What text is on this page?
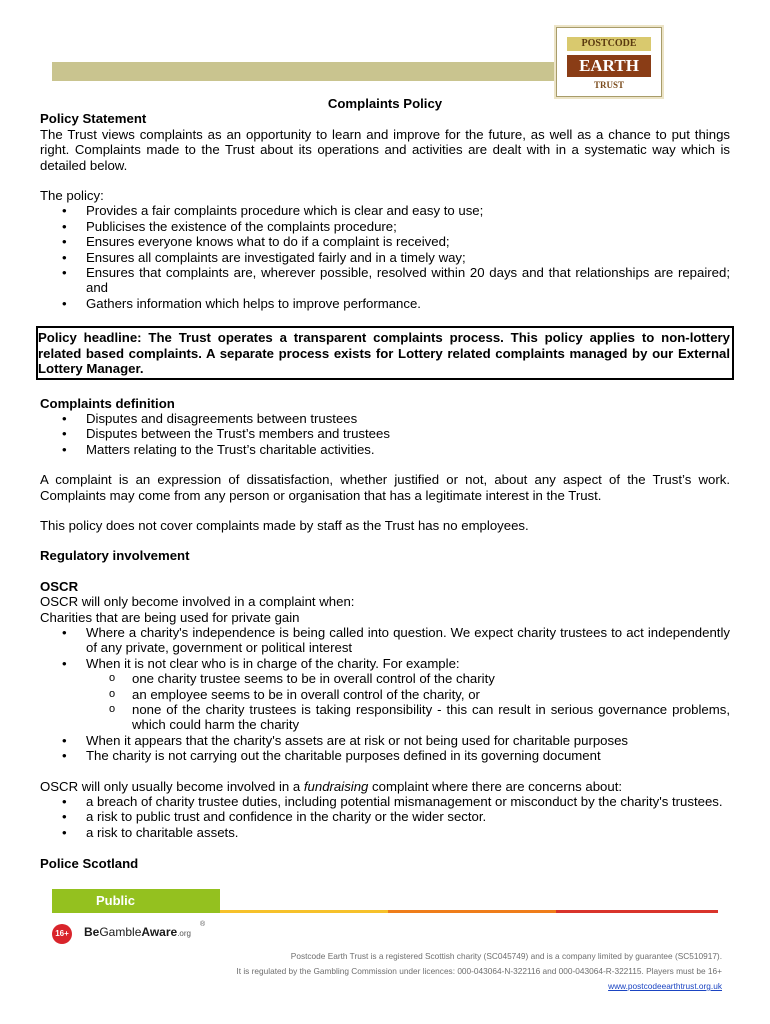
POSTCODE
EARTH
TRUST

Complaints Policy

Policy Statement

The Trust views complaints as an opportunity to learn and improve for the future, as well as a chance to put things right. Complaints made to the Trust about its operations and activities are dealt with in a systematic way which is detailed below.

The policy:

• Provides a fair complaints procedure which is clear and easy to use;
• Publicises the existence of the complaints procedure;
• Ensures everyone knows what to do if a complaint is received;
• Ensures all complaints are investigated fairly and in a timely way;
• Ensures that complaints are, wherever possible, resolved within 20 days and that relationships are repaired; and
• Gathers information which helps to improve performance.

Policy headline: The Trust operates a transparent complaints process. This policy applies to non-lottery related based complaints. A separate process exists for Lottery related complaints managed by our External Lottery Manager.

Complaints definition

• Disputes and disagreements between trustees
• Disputes between the Trust’s members and trustees
• Matters relating to the Trust’s charitable activities.

A complaint is an expression of dissatisfaction, whether justified or not, about any aspect of the Trust’s work. Complaints may come from any person or organisation that has a legitimate interest in the Trust.

This policy does not cover complaints made by staff as the Trust has no employees.

Regulatory involvement

OSCR

OSCR will only become involved in a complaint when:

Charities that are being used for private gain

• Where a charity's independence is being called into question. We expect charity trustees to act independently of any private, government or political interest
• When it is not clear who is in charge of the charity. For example:
o one charity trustee seems to be in overall control of the charity
o an employee seems to be in overall control of the charity, or
o none of the charity trustees is taking responsibility - this can result in serious governance problems, which could harm the charity
• When it appears that the charity's assets are at risk or not being used for charitable purposes
• The charity is not carrying out the charitable purposes defined in its governing document

OSCR will only usually become involved in a fundraising complaint where there are concerns about:

• a breach of charity trustee duties, including potential mismanagement or misconduct by the charity's trustees.
• a risk to public trust and confidence in the charity or the wider sector.
• a risk to charitable assets.

Police Scotland

Public
16+ BeGambleAware.org
®
Postcode Earth Trust is a registered Scottish charity (SC045749) and is a company limited by guarantee (SC510917).
It is regulated by the Gambling Commission under licences: 000-043064-N-322116 and 000-043064-R-322115. Players must be 16+
www.postcodeearthtrust.org.uk
